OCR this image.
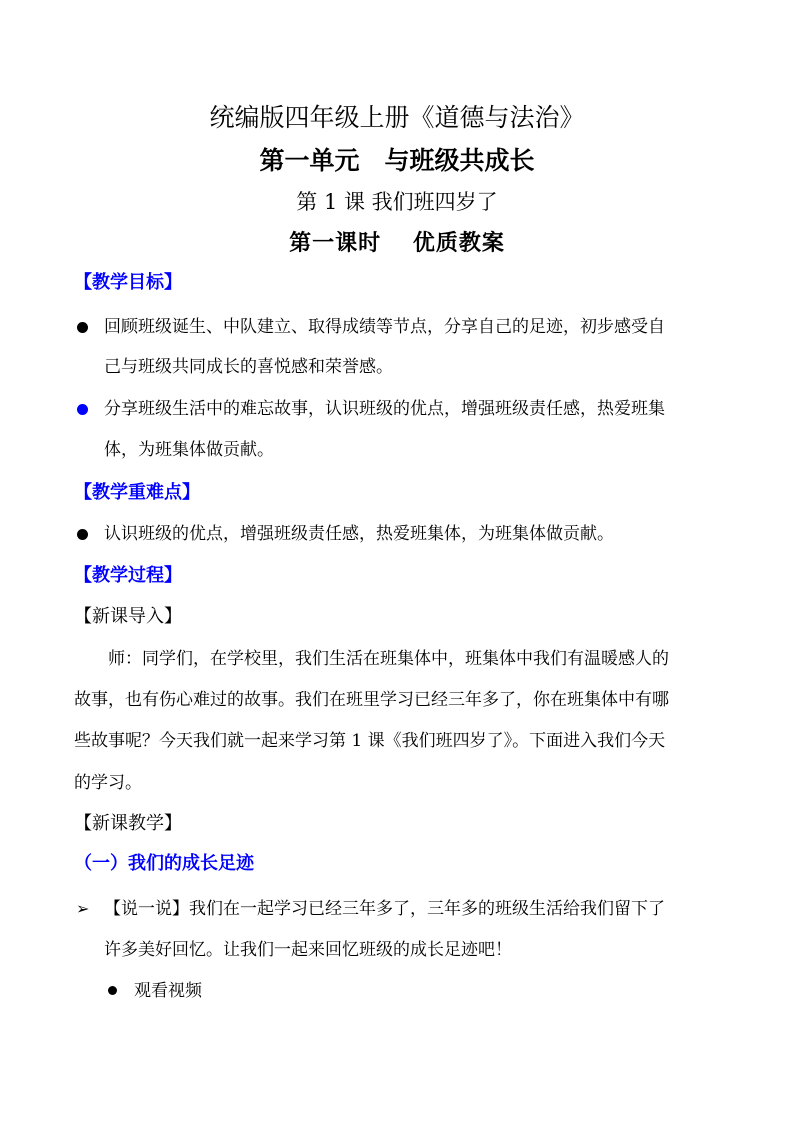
统编版四年级上册《道德与法治》
第一单元　与班级共成长
第 1 课 我们班四岁了
第一课时　 优质教案
【教学目标】
回顾班级诞生、中队建立、取得成绩等节点，分享自己的足迹，初步感受自
己与班级共同成长的喜悦感和荣誉感。
分享班级生活中的难忘故事，认识班级的优点，增强班级责任感，热爱班集
体，为班集体做贡献。
【教学重难点】
认识班级的优点，增强班级责任感，热爱班集体，为班集体做贡献。
【教学过程】
【新课导入】
师：同学们，在学校里，我们生活在班集体中，班集体中我们有温暖感人的
故事，也有伤心难过的故事。我们在班里学习已经三年多了，你在班集体中有哪
些故事呢？今天我们就一起来学习第 1 课《我们班四岁了》。下面进入我们今天
的学习。
【新课教学】
（一）我们的成长足迹
➢ 【说一说】我们在一起学习已经三年多了，三年多的班级生活给我们留下了
许多美好回忆。让我们一起来回忆班级的成长足迹吧！
观看视频
